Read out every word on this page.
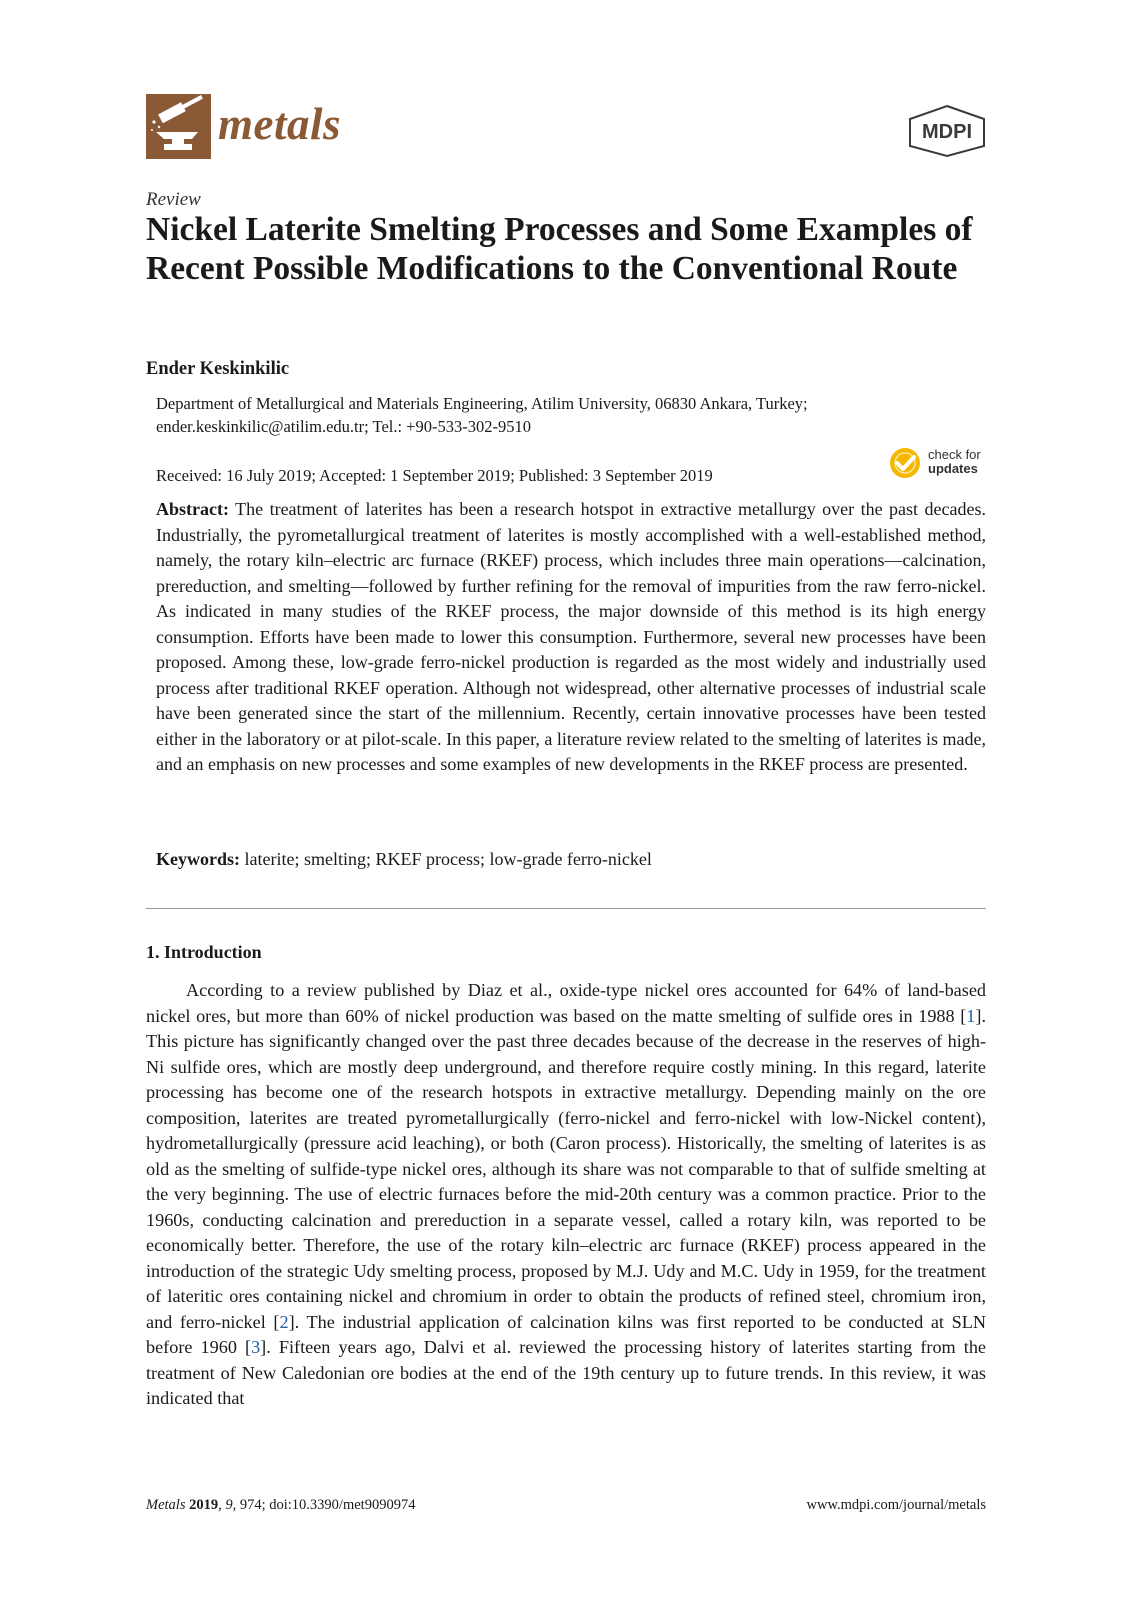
metals	MDPI
Review
Nickel Laterite Smelting Processes and Some Examples of Recent Possible Modifications to the Conventional Route
Ender Keskinkilic
Department of Metallurgical and Materials Engineering, Atilim University, 06830 Ankara, Turkey;
ender.keskinkilic@atilim.edu.tr; Tel.: +90-533-302-9510
Received: 16 July 2019; Accepted: 1 September 2019; Published: 3 September 2019
check for
updates

Abstract: The treatment of laterites has been a research hotspot in extractive metallurgy over the past decades. Industrially, the pyrometallurgical treatment of laterites is mostly accomplished with a well-established method, namely, the rotary kiln–electric arc furnace (RKEF) process, which includes three main operations—calcination, prereduction, and smelting—followed by further refining for the removal of impurities from the raw ferro-nickel. As indicated in many studies of the RKEF process, the major downside of this method is its high energy consumption. Efforts have been made to lower this consumption. Furthermore, several new processes have been proposed. Among these, low-grade ferro-nickel production is regarded as the most widely and industrially used process after traditional RKEF operation. Although not widespread, other alternative processes of industrial scale have been generated since the start of the millennium. Recently, certain innovative processes have been tested either in the laboratory or at pilot-scale. In this paper, a literature review related to the smelting of laterites is made, and an emphasis on new processes and some examples of new developments in the RKEF process are presented.

Keywords: laterite; smelting; RKEF process; low-grade ferro-nickel

1. Introduction

According to a review published by Diaz et al., oxide-type nickel ores accounted for 64% of land-based nickel ores, but more than 60% of nickel production was based on the matte smelting of sulfide ores in 1988 [1]. This picture has significantly changed over the past three decades because of the decrease in the reserves of high-Ni sulfide ores, which are mostly deep underground, and therefore require costly mining. In this regard, laterite processing has become one of the research hotspots in extractive metallurgy. Depending mainly on the ore composition, laterites are treated pyrometallurgically (ferro-nickel and ferro-nickel with low-Nickel content), hydrometallurgically (pressure acid leaching), or both (Caron process). Historically, the smelting of laterites is as old as the smelting of sulfide-type nickel ores, although its share was not comparable to that of sulfide smelting at the very beginning. The use of electric furnaces before the mid-20th century was a common practice. Prior to the 1960s, conducting calcination and prereduction in a separate vessel, called a rotary kiln, was reported to be economically better. Therefore, the use of the rotary kiln–electric arc furnace (RKEF) process appeared in the introduction of the strategic Udy smelting process, proposed by M.J. Udy and M.C. Udy in 1959, for the treatment of lateritic ores containing nickel and chromium in order to obtain the products of refined steel, chromium iron, and ferro-nickel [2]. The industrial application of calcination kilns was first reported to be conducted at SLN before 1960 [3]. Fifteen years ago, Dalvi et al. reviewed the processing history of laterites starting from the treatment of New Caledonian ore bodies at the end of the 19th century up to future trends. In this review, it was indicated that

Metals 2019, 9, 974; doi:10.3390/met9090974	www.mdpi.com/journal/metals
